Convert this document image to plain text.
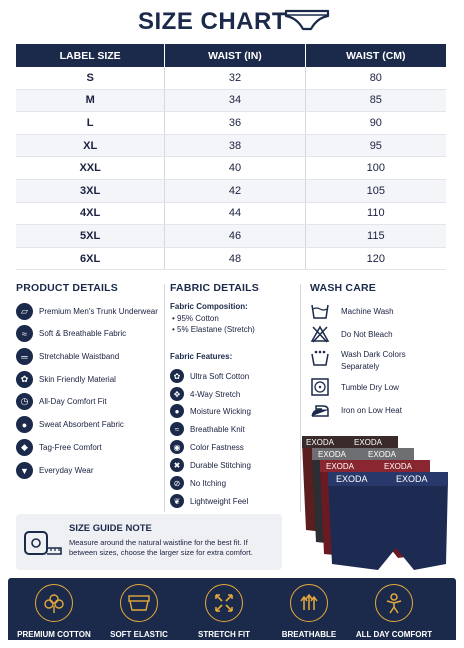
SIZE CHART
LABEL SIZE	WAIST (IN)	WAIST (CM)
S	32	80
M	34	85
L	36	90
XL	38	95
XXL	40	100
3XL	42	105
4XL	44	110
5XL	46	115
6XL	48	120
PRODUCT DETAILS
▱	Premium Men's Trunk Underwear
≈	Soft & Breathable Fabric
═	Stretchable Waistband
✿	Skin Friendly Material
◷	All-Day Comfort Fit
●	Sweat Absorbent Fabric
◆	Tag-Free Comfort
▼	Everyday Wear
FABRIC DETAILS
Fabric Composition:
• 95% Cotton
• 5% Elastane (Stretch)
Fabric Features:
✿	Ultra Soft Cotton
✥	4-Way Stretch
●	Moisture Wicking
≈	Breathable Knit
◉	Color Fastness
✖	Durable Stitching
⊘	No Itching
❦	Lightweight Feel
WASH CARE
Machine Wash
Do Not Bleach
Wash Dark Colors Separately
Tumble Dry Low
Iron on Low Heat
SIZE GUIDE NOTE
Measure around the natural waistline for the best fit. If between sizes, choose the larger size for extra comfort.
EXODA EXODA
EXODA	EXODA
EXODA	EXODA
EXODA	EXODA
PREMIUM COTTON	SOFT ELASTIC WAISTBAND
STRETCH FIT	BREATHABLE FABRIC
ALL DAY COMFORT
